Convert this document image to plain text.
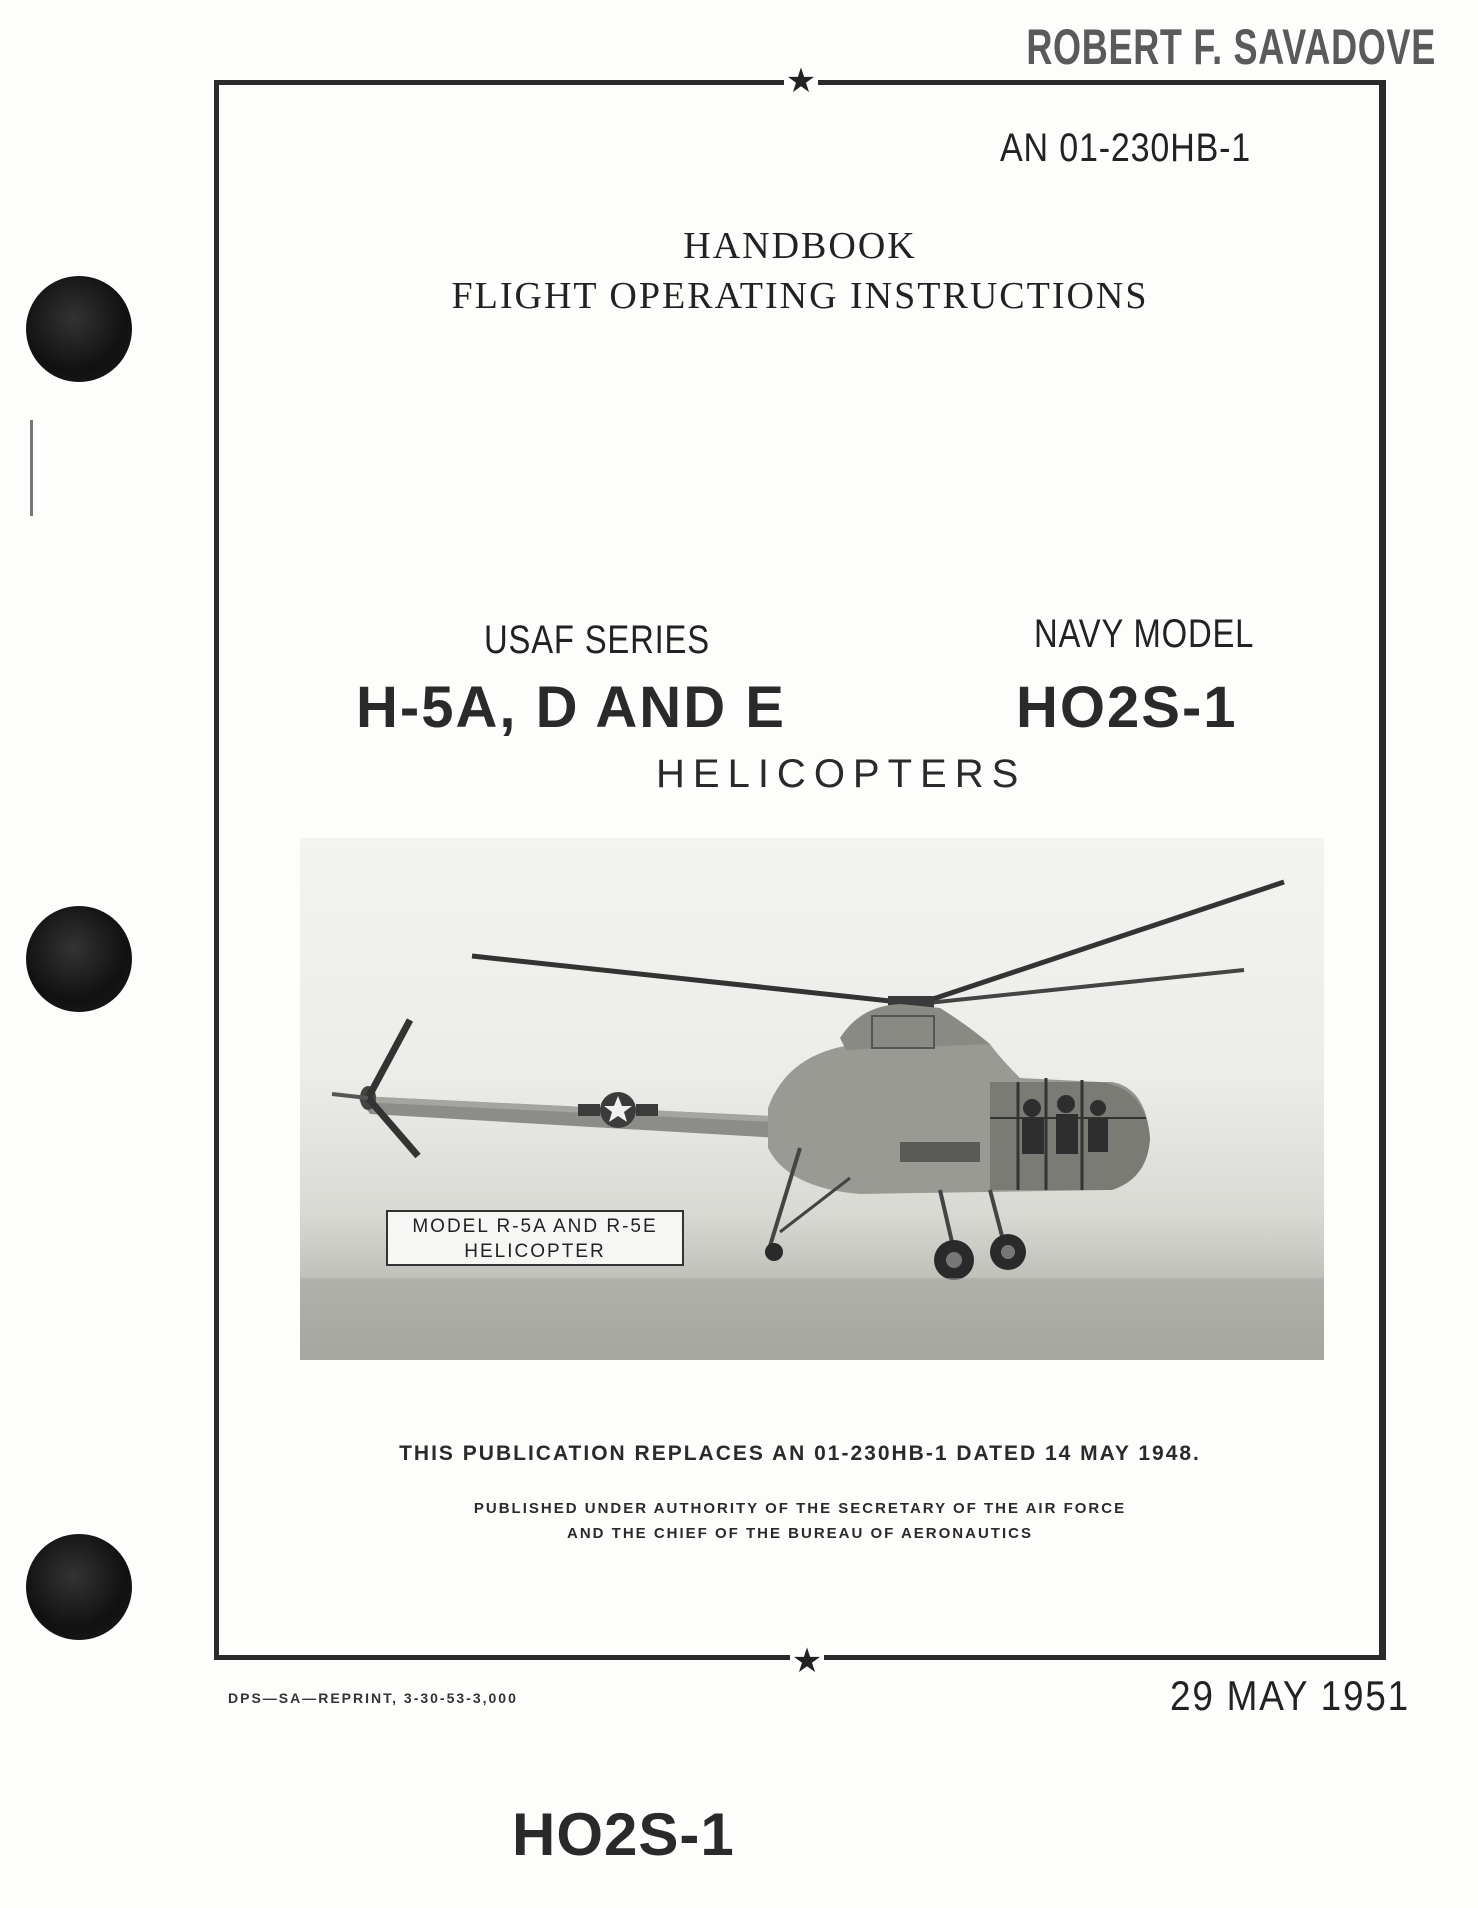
ROBERT F. SAVADOVE
★
★
AN 01-230HB-1
HANDBOOK
FLIGHT OPERATING INSTRUCTIONS
USAF SERIES	NAVY MODEL
H-5A, D AND E	HO2S-1
HELICOPTERS
MODEL R-5A AND R-5E
HELICOPTER
THIS PUBLICATION REPLACES AN 01-230HB-1 DATED 14 MAY 1948.
PUBLISHED UNDER AUTHORITY OF THE SECRETARY OF THE AIR FORCE
AND THE CHIEF OF THE BUREAU OF AERONAUTICS
DPS—SA—REPRINT, 3-30-53-3,000	29 MAY 1951
HO2S-1
